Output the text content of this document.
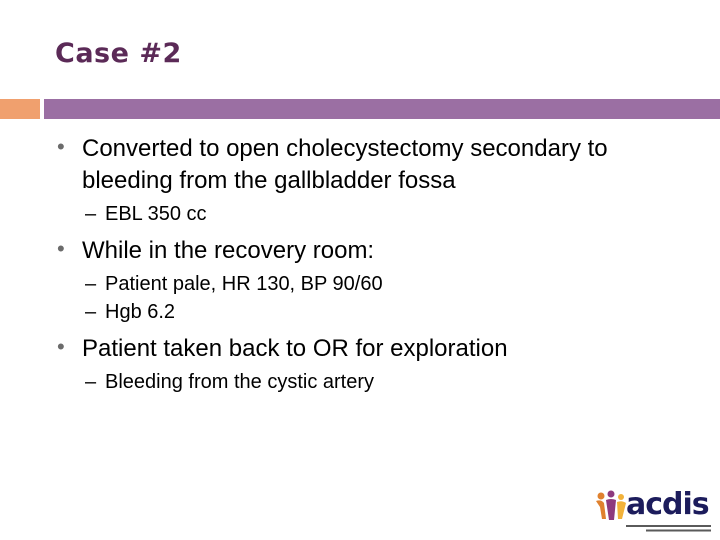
Case #2
• Converted to open cholecystectomy secondary to bleeding from the gallbladder fossa
– EBL 350 cc
• While in the recovery room:
– Patient pale, HR 130, BP 90/60
– Hgb 6.2
• Patient taken back to OR for exploration
– Bleeding from the cystic artery
acdis
